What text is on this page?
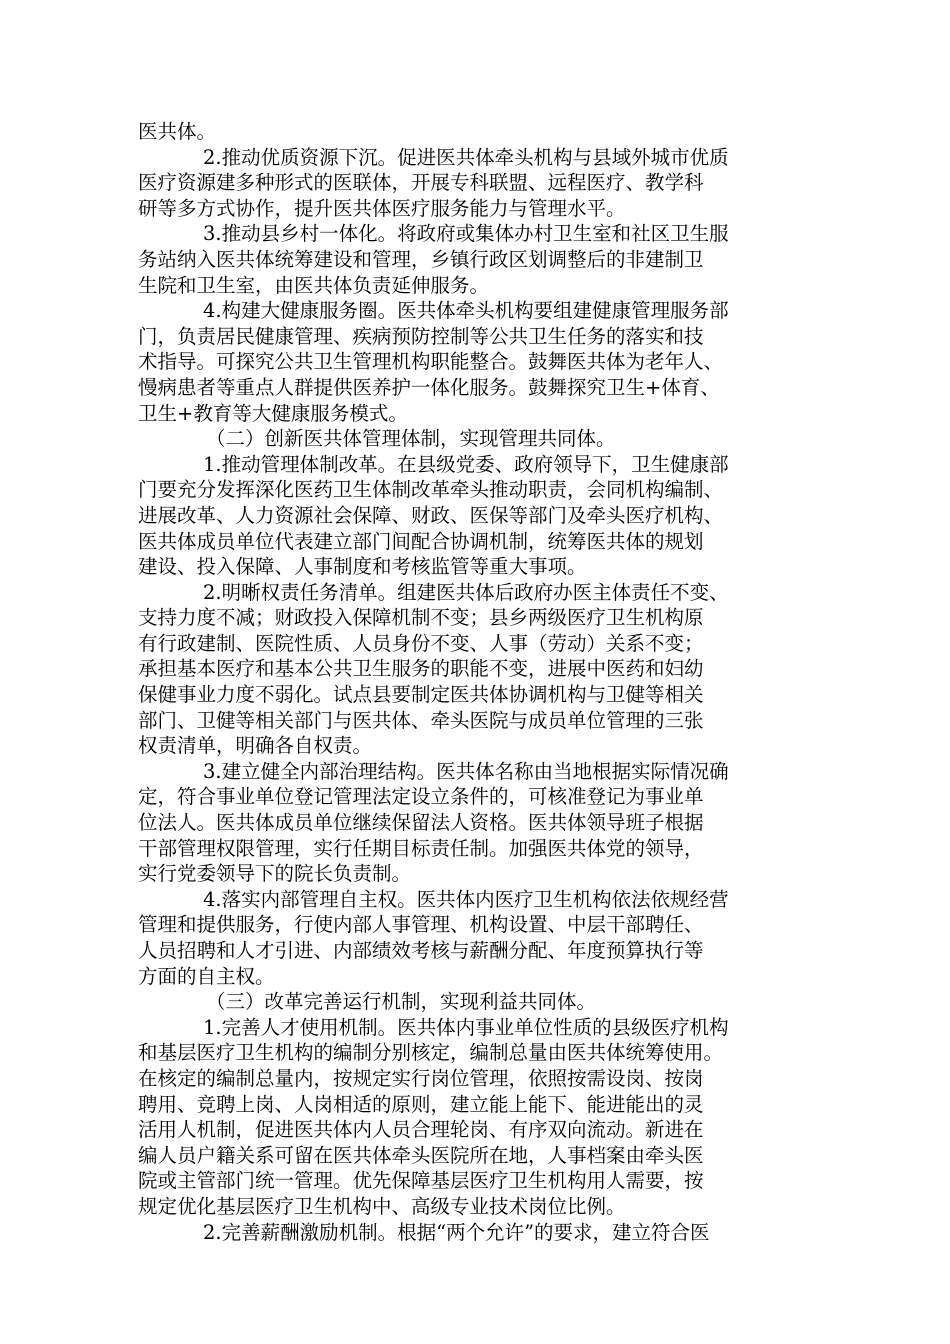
医共体。
2.推动优质资源下沉。促进医共体牵头机构与县域外城市优质
医疗资源建多种形式的医联体，开展专科联盟、远程医疗、教学科
研等多方式协作，提升医共体医疗服务能力与管理水平。
3.推动县乡村一体化。将政府或集体办村卫生室和社区卫生服
务站纳入医共体统筹建设和管理，乡镇行政区划调整后的非建制卫
生院和卫生室，由医共体负责延伸服务。
4.构建大健康服务圈。医共体牵头机构要组建健康管理服务部
门，负责居民健康管理、疾病预防控制等公共卫生任务的落实和技
术指导。可探究公共卫生管理机构职能整合。鼓舞医共体为老年人、
慢病患者等重点人群提供医养护一体化服务。鼓舞探究卫生+体育、
卫生+教育等大健康服务模式。
（二）创新医共体管理体制，实现管理共同体。
1.推动管理体制改革。在县级党委、政府领导下，卫生健康部
门要充分发挥深化医药卫生体制改革牵头推动职责，会同机构编制、
进展改革、人力资源社会保障、财政、医保等部门及牵头医疗机构、
医共体成员单位代表建立部门间配合协调机制，统筹医共体的规划
建设、投入保障、人事制度和考核监管等重大事项。
2.明晰权责任务清单。组建医共体后政府办医主体责任不变、
支持力度不减；财政投入保障机制不变；县乡两级医疗卫生机构原
有行政建制、医院性质、人员身份不变、人事（劳动）关系不变；
承担基本医疗和基本公共卫生服务的职能不变，进展中医药和妇幼
保健事业力度不弱化。试点县要制定医共体协调机构与卫健等相关
部门、卫健等相关部门与医共体、牵头医院与成员单位管理的三张
权责清单，明确各自权责。
3.建立健全内部治理结构。医共体名称由当地根据实际情况确
定，符合事业单位登记管理法定设立条件的，可核准登记为事业单
位法人。医共体成员单位继续保留法人资格。医共体领导班子根据
干部管理权限管理，实行任期目标责任制。加强医共体党的领导，
实行党委领导下的院长负责制。
4.落实内部管理自主权。医共体内医疗卫生机构依法依规经营
管理和提供服务，行使内部人事管理、机构设置、中层干部聘任、
人员招聘和人才引进、内部绩效考核与薪酬分配、年度预算执行等
方面的自主权。
（三）改革完善运行机制，实现利益共同体。
1.完善人才使用机制。医共体内事业单位性质的县级医疗机构
和基层医疗卫生机构的编制分别核定，编制总量由医共体统筹使用。
在核定的编制总量内，按规定实行岗位管理，依照按需设岗、按岗
聘用、竞聘上岗、人岗相适的原则，建立能上能下、能进能出的灵
活用人机制，促进医共体内人员合理轮岗、有序双向流动。新进在
编人员户籍关系可留在医共体牵头医院所在地，人事档案由牵头医
院或主管部门统一管理。优先保障基层医疗卫生机构用人需要，按
规定优化基层医疗卫生机构中、高级专业技术岗位比例。
2.完善薪酬激励机制。根据“两个允许”的要求，建立符合医
